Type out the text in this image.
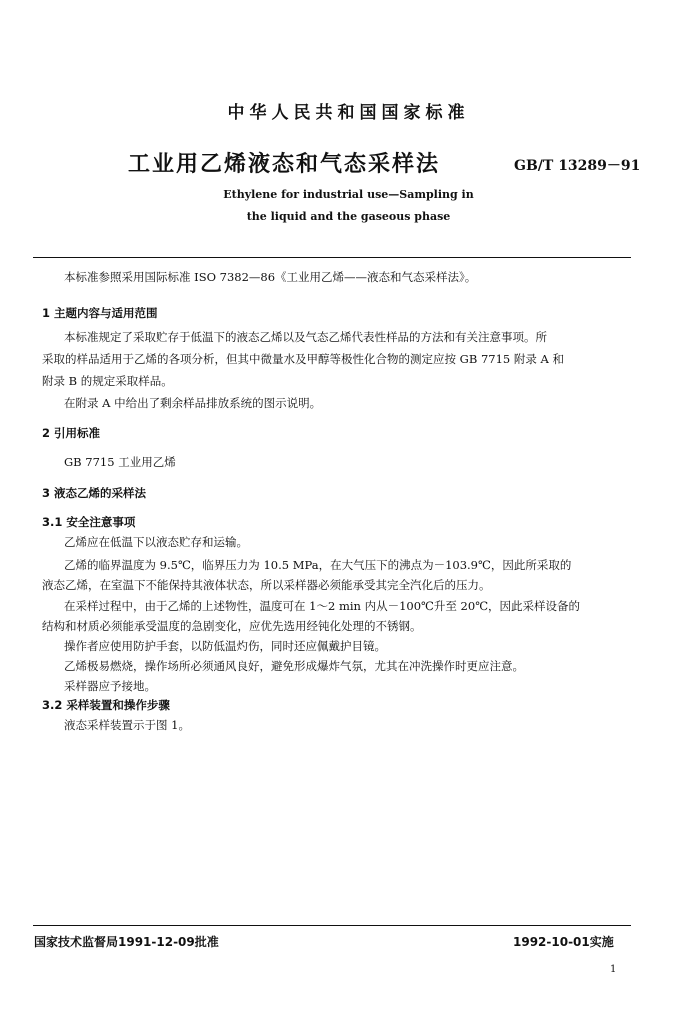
中华人民共和国国家标准
工业用乙烯液态和气态采样法	GB/T 13289－91
Ethylene for industrial use—Sampling in
the liquid and the gaseous phase
本标准参照采用国际标准 ISO 7382—86《工业用乙烯——液态和气态采样法》。
1 主题内容与适用范围
本标准规定了采取贮存于低温下的液态乙烯以及气态乙烯代表性样品的方法和有关注意事项。所
采取的样品适用于乙烯的各项分析，但其中微量水及甲醇等极性化合物的测定应按 GB 7715 附录 A 和
附录 B 的规定采取样品。
在附录 A 中给出了剩余样品排放系统的图示说明。
2 引用标准
GB 7715 工业用乙烯
3 液态乙烯的采样法
3.1 安全注意事项
乙烯应在低温下以液态贮存和运输。
乙烯的临界温度为 9.5℃，临界压力为 10.5 MPa，在大气压下的沸点为－103.9℃，因此所采取的
液态乙烯，在室温下不能保持其液体状态，所以采样器必须能承受其完全汽化后的压力。
在采样过程中，由于乙烯的上述物性，温度可在 1～2 min 内从－100℃升至 20℃，因此采样设备的
结构和材质必须能承受温度的急剧变化，应优先选用经钝化处理的不锈钢。
操作者应使用防护手套，以防低温灼伤，同时还应佩戴护目镜。
乙烯极易燃烧，操作场所必须通风良好，避免形成爆炸气氛，尤其在冲洗操作时更应注意。
采样器应予接地。
3.2 采样装置和操作步骤
液态采样装置示于图 1。
国家技术监督局1991-12-09批准	1992-10-01实施
1
